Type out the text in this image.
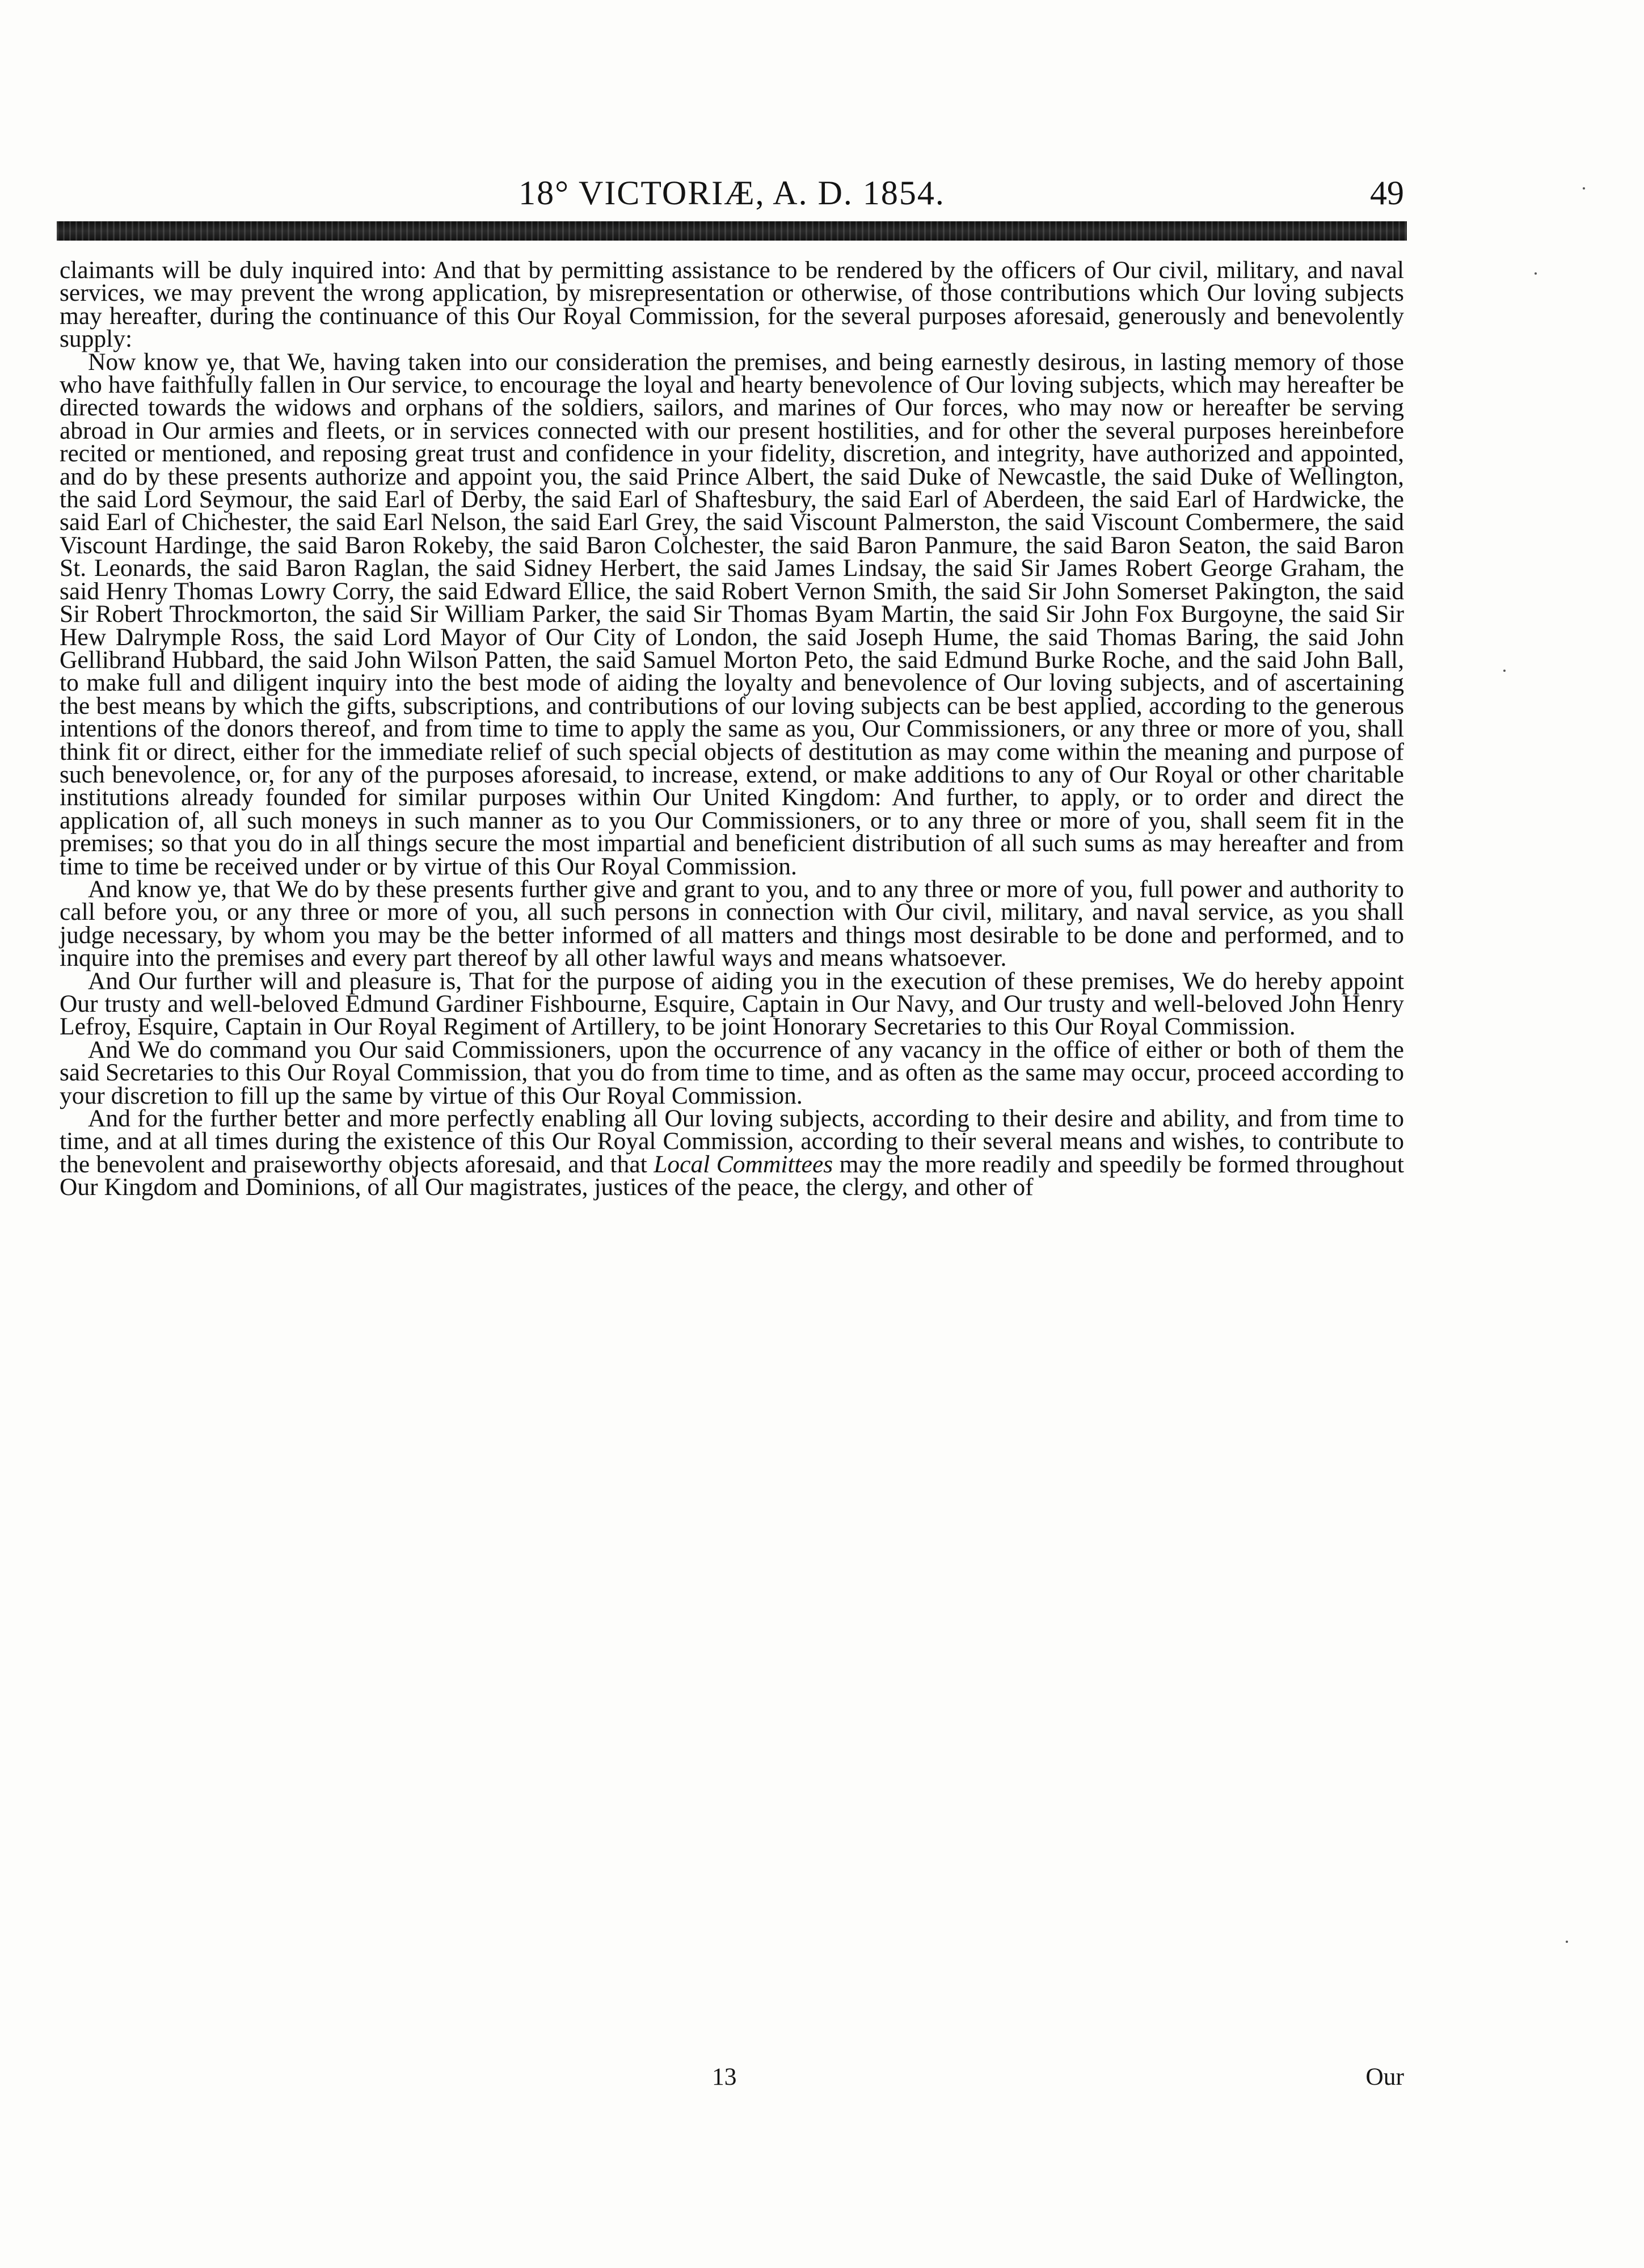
18° VICTORIÆ, A. D. 1854.	49

claimants will be duly inquired into: And that by permitting assistance to be rendered by the officers of Our civil, military, and naval services, we may prevent the wrong application, by misrepresentation or otherwise, of those contributions which Our loving subjects may hereafter, during the continuance of this Our Royal Commission, for the several purposes aforesaid, generously and benevolently supply:

Now know ye, that We, having taken into our consideration the premises, and being earnestly desirous, in lasting memory of those who have faithfully fallen in Our service, to encourage the loyal and hearty benevolence of Our loving subjects, which may hereafter be directed towards the widows and orphans of the soldiers, sailors, and marines of Our forces, who may now or hereafter be serving abroad in Our armies and fleets, or in services connected with our present hostilities, and for other the several purposes hereinbefore recited or mentioned, and reposing great trust and confidence in your fidelity, discretion, and integrity, have authorized and appointed, and do by these presents authorize and appoint you, the said Prince Albert, the said Duke of Newcastle, the said Duke of Wellington, the said Lord Seymour, the said Earl of Derby, the said Earl of Shaftesbury, the said Earl of Aberdeen, the said Earl of Hardwicke, the said Earl of Chichester, the said Earl Nelson, the said Earl Grey, the said Viscount Palmerston, the said Viscount Combermere, the said Viscount Hardinge, the said Baron Rokeby, the said Baron Colchester, the said Baron Panmure, the said Baron Seaton, the said Baron St. Leonards, the said Baron Raglan, the said Sidney Herbert, the said James Lindsay, the said Sir James Robert George Graham, the said Henry Thomas Lowry Corry, the said Edward Ellice, the said Robert Vernon Smith, the said Sir John Somerset Pakington, the said Sir Robert Throckmorton, the said Sir William Parker, the said Sir Thomas Byam Martin, the said Sir John Fox Burgoyne, the said Sir Hew Dalrymple Ross, the said Lord Mayor of Our City of London, the said Joseph Hume, the said Thomas Baring, the said John Gellibrand Hubbard, the said John Wilson Patten, the said Samuel Morton Peto, the said Edmund Burke Roche, and the said John Ball, to make full and diligent inquiry into the best mode of aiding the loyalty and benevolence of Our loving subjects, and of ascertaining the best means by which the gifts, subscriptions, and contributions of our loving subjects can be best applied, according to the generous intentions of the donors thereof, and from time to time to apply the same as you, Our Commissioners, or any three or more of you, shall think fit or direct, either for the immediate relief of such special objects of destitution as may come within the meaning and purpose of such benevolence, or, for any of the purposes aforesaid, to increase, extend, or make additions to any of Our Royal or other charitable institutions already founded for similar purposes within Our United Kingdom: And further, to apply, or to order and direct the application of, all such moneys in such manner as to you Our Commissioners, or to any three or more of you, shall seem fit in the premises; so that you do in all things secure the most impartial and beneficient distribution of all such sums as may hereafter and from time to time be received under or by virtue of this Our Royal Commission.

And know ye, that We do by these presents further give and grant to you, and to any three or more of you, full power and authority to call before you, or any three or more of you, all such persons in connection with Our civil, military, and naval service, as you shall judge necessary, by whom you may be the better informed of all matters and things most desirable to be done and performed, and to inquire into the premises and every part thereof by all other lawful ways and means whatsoever.

And Our further will and pleasure is, That for the purpose of aiding you in the execution of these premises, We do hereby appoint Our trusty and well-beloved Edmund Gardiner Fishbourne, Esquire, Captain in Our Navy, and Our trusty and well-beloved John Henry Lefroy, Esquire, Captain in Our Royal Regiment of Artillery, to be joint Honorary Secretaries to this Our Royal Commission.

And We do command you Our said Commissioners, upon the occurrence of any vacancy in the office of either or both of them the said Secretaries to this Our Royal Commission, that you do from time to time, and as often as the same may occur, proceed according to your discretion to fill up the same by virtue of this Our Royal Commission.

And for the further better and more perfectly enabling all Our loving subjects, according to their desire and ability, and from time to time, and at all times during the existence of this Our Royal Commission, according to their several means and wishes, to contribute to the benevolent and praiseworthy objects aforesaid, and that Local Committees may the more readily and speedily be formed throughout Our Kingdom and Dominions, of all Our magistrates, justices of the peace, the clergy, and other of

13	Our
